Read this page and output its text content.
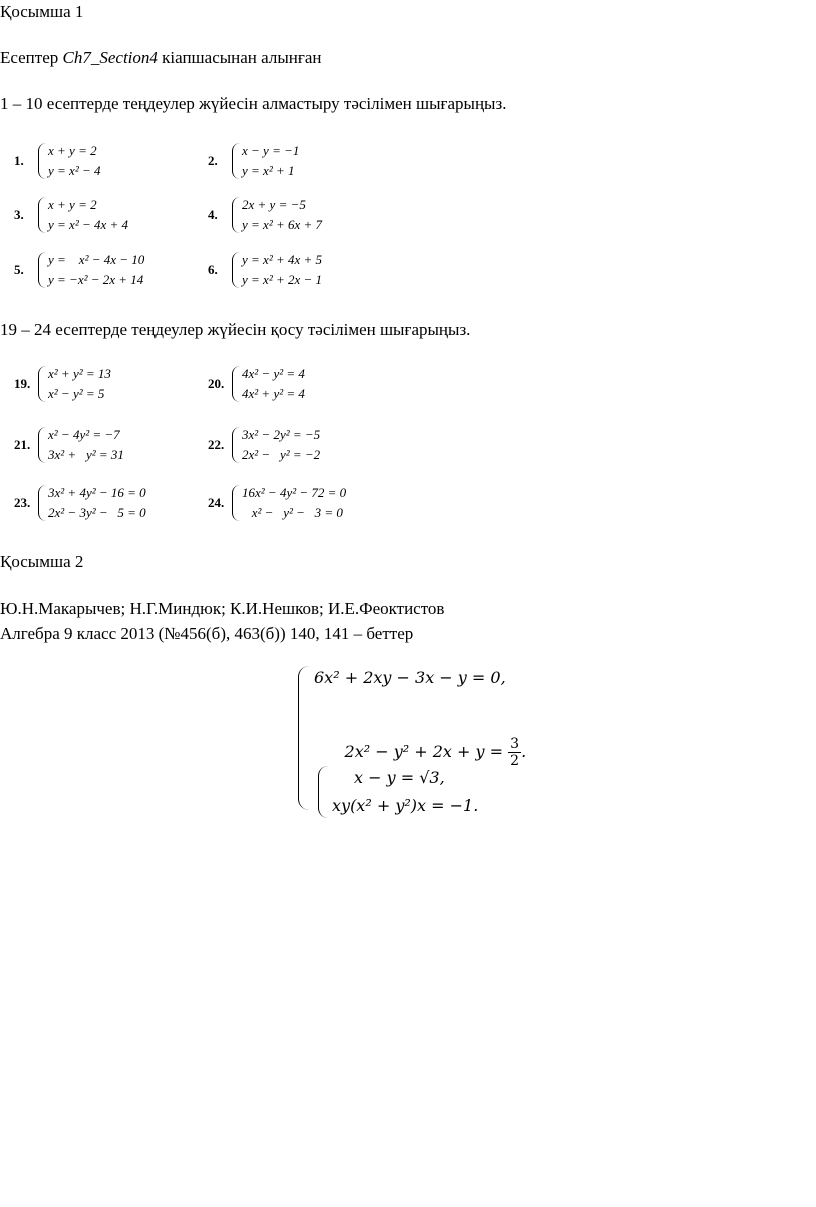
Қосымша 1
Есептер Ch7_Section4 кіапшасынан алынған
1 – 10 есептерде теңдеулер жүйесін алмастыру тәсілімен шығарыңыз.
1.
x + y = 2
y = x² − 4
2.
x − y = −1
y = x² + 1
3.
x + y = 2
y = x² − 4x + 4
4.
2x + y = −5
y = x² + 6x + 7
5.
y =    x² − 4x − 10
y = −x² − 2x + 14
6.
y = x² + 4x + 5
y = x² + 2x − 1
19 – 24 есептерде теңдеулер жүйесін қосу тәсілімен шығарыңыз.
19.
x² + y² = 13
x² − y² = 5
20.
4x² − y² = 4
4x² + y² = 4
21.
x² − 4y² = −7
3x² +   y² = 31
22.
3x² − 2y² = −5
2x² −   y² = −2
23.
3x² + 4y² − 16 = 0
2x² − 3y² −   5 = 0
24.
16x² − 4y² − 72 = 0
x² −   y² −   3 = 0
Қосымша 2
Ю.Н.Макарычев; Н.Г.Миндюк; К.И.Нешков; И.Е.Феоктистов
Алгебра 9 класс 2013 (№456(б), 463(б)) 140, 141 – беттер
6x² + 2xy − 3x − y = 0,

$2x^2 - y^2 + 2x + y = \frac{3}{2}$ .

x − y = √3,
xy(x² + y²)x = −1.
